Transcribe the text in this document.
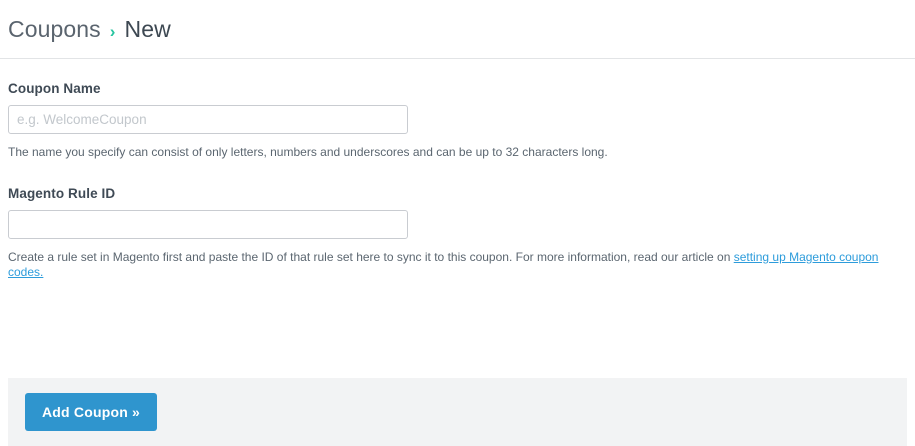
Coupons › New
Coupon Name
e.g. WelcomeCoupon
The name you specify can consist of only letters, numbers and underscores and can be up to 32 characters long.
Magento Rule ID
Create a rule set in Magento first and paste the ID of that rule set here to sync it to this coupon. For more information, read our article on setting up Magento coupon codes.
Add Coupon »
